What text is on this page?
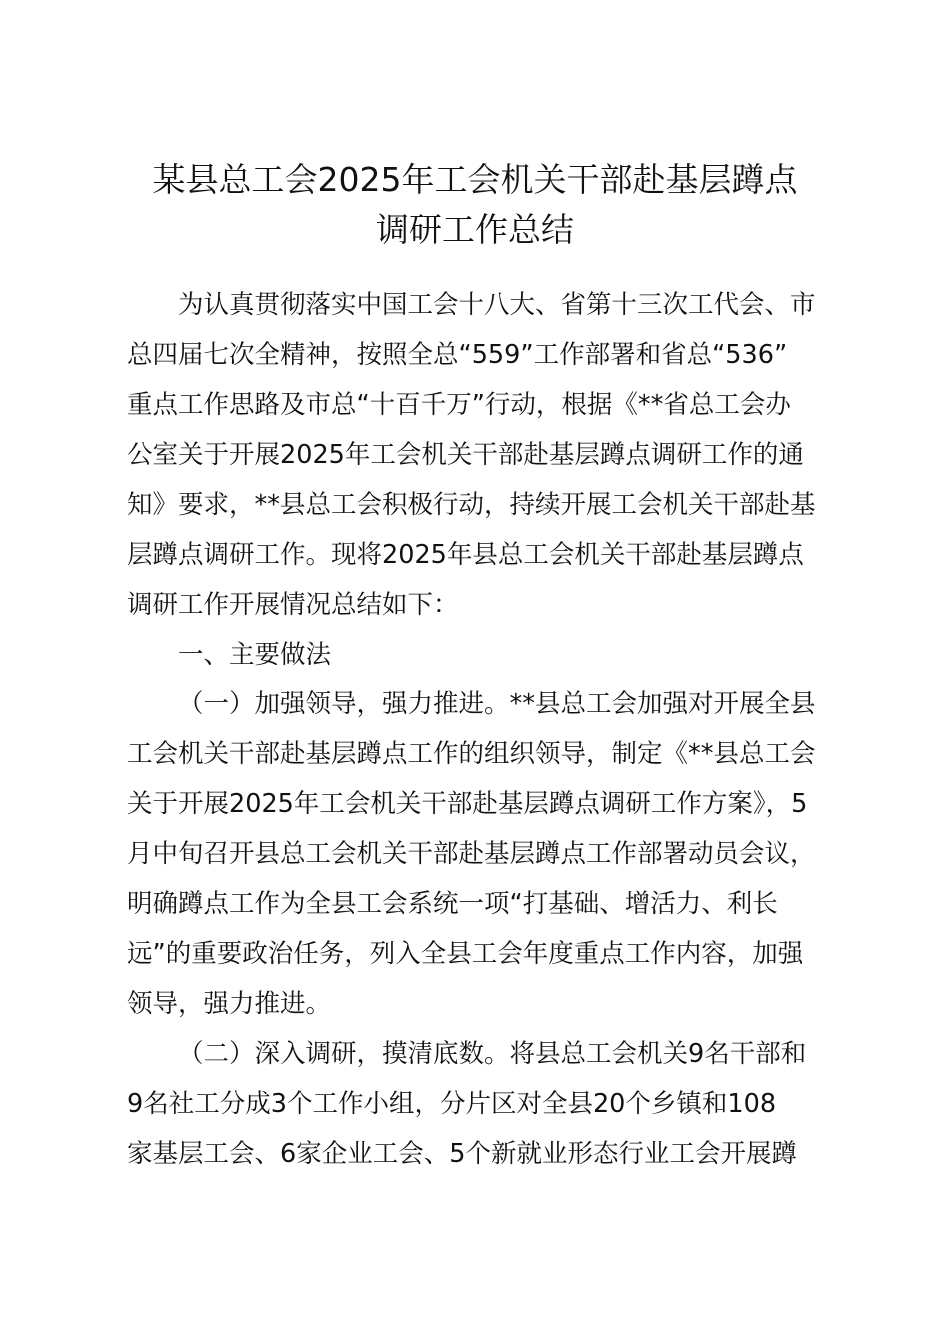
某县总工会2025年工会机关干部赴基层蹲点
调研工作总结

为认真贯彻落实中国工会十八大、省第十三次工代会、市

总四届七次全精神，按照全总“559”工作部署和省总“536”

重点工作思路及市总“十百千万”行动，根据《**省总工会办

公室关于开展2025年工会机关干部赴基层蹲点调研工作的通

知》要求，**县总工会积极行动，持续开展工会机关干部赴基

层蹲点调研工作。现将2025年县总工会机关干部赴基层蹲点

调研工作开展情况总结如下：

一、主要做法

（一）加强领导，强力推进。**县总工会加强对开展全县

工会机关干部赴基层蹲点工作的组织领导，制定《**县总工会

关于开展2025年工会机关干部赴基层蹲点调研工作方案》，5

月中旬召开县总工会机关干部赴基层蹲点工作部署动员会议，

明确蹲点工作为全县工会系统一项“打基础、增活力、利长

远”的重要政治任务，列入全县工会年度重点工作内容，加强

领导，强力推进。

（二）深入调研，摸清底数。将县总工会机关9名干部和

9名社工分成3个工作小组，分片区对全县20个乡镇和108

家基层工会、6家企业工会、5个新就业形态行业工会开展蹲
